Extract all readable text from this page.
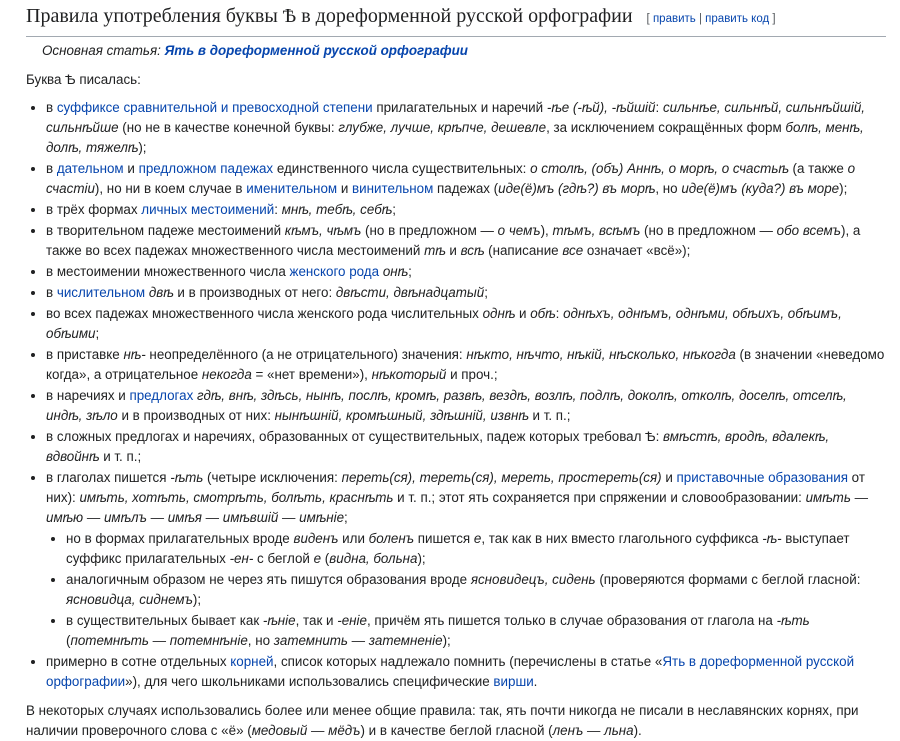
Правила употребления буквы Ѣ в дореформенной русской орфографии [ править | править код ]
Основная статья: Ять в дореформенной русской орфографии

Буква Ѣ писалась:

• в суффиксе сравнительной и превосходной степени прилагательных и наречий -ѣе (-ѣй), -ѣйшій: сильнѣе, сильнѣй, сильнѣйшій, сильнѣйше (но не в качестве конечной буквы: глубже, лучше, крѣпче, дешевле, за исключением сокращённых форм болѣ, менѣ, долѣ, тяжелѣ);
• в дательном и предложном падежах единственного числа существительных: о столѣ, (объ) Аннѣ, о морѣ, о счастьѣ (а также о счастіи), но ни в коем случае в именительном и винительном падежах (иде(ё)мъ (гдѣ?) въ морѣ, но иде(ё)мъ (куда?) въ море);
• в трёх формах личных местоимений: мнѣ, тебѣ, себѣ;
• в творительном падеже местоимений кѣмъ, чѣмъ (но в предложном — о чемъ), тѣмъ, всѣмъ (но в предложном — обо всемъ), а также во всех падежах множественного числа местоимений тѣ и всѣ (написание все означает «всё»);
• в местоимении множественного числа женского рода онѣ;
• в числительном двѣ и в производных от него: двѣсти, двѣнадцатый;
• во всех падежах множественного числа женского рода числительных однѣ и обѣ: однѣхъ, однѣмъ, однѣми, обѣихъ, обѣимъ, обѣими;
• в приставке нѣ- неопределённого (а не отрицательного) значения: нѣкто, нѣчто, нѣкій, нѣсколько, нѣкогда (в значении «неведомо когда», а отрицательное некогда = «нет времени»), нѣкоторый и проч.;
• в наречиях и предлогах гдѣ, внѣ, здѣсь, нынѣ, послѣ, кромѣ, развѣ, вездѣ, возлѣ, подлѣ, доколѣ, отколѣ, доселѣ, отселѣ, индѣ, зѣло и в производных от них: нынѣшній, кромѣшный, здѣшній, извнѣ и т. п.;
• в сложных предлогах и наречиях, образованных от существительных, падеж которых требовал Ѣ: вмѣстѣ, вродѣ, вдалекѣ, вдвойнѣ и т. п.;
• в глаголах пишется -ѣть (четыре исключения: переть(ся), тереть(ся), мереть, простереть(ся) и приставочные образования от них): имѣть, хотѣть, смотрѣть, болѣть, краснѣть и т. п.; этот ять сохраняется при спряжении и словообразовании: имѣть — имѣю — имѣлъ — имѣя — имѣвшій — имѣніе;
• но в формах прилагательных вроде виденъ или боленъ пишется е, так как в них вместо глагольного суффикса -ѣ- выступает суффикс прилагательных -ен- с беглой е (видна, больна);
• аналогичным образом не через ять пишутся образования вроде ясновидецъ, сидень (проверяются формами с беглой гласной: ясновидца, сиднемъ);
• в существительных бывает как -ѣніе, так и -еніе, причём ять пишется только в случае образования от глагола на -ѣть (потемнѣть — потемнѣніе, но затемнить — затемненіе);
• примерно в сотне отдельных корней, список которых надлежало помнить (перечислены в статье «Ять в дореформенной русской орфографии»), для чего школьниками использовались специфические вирши.

В некоторых случаях использовались более или менее общие правила: так, ять почти никогда не писали в неславянских корнях, при наличии проверочного слова с «ё» (медовый — мёдъ) и в качестве беглой гласной (ленъ — льна).
